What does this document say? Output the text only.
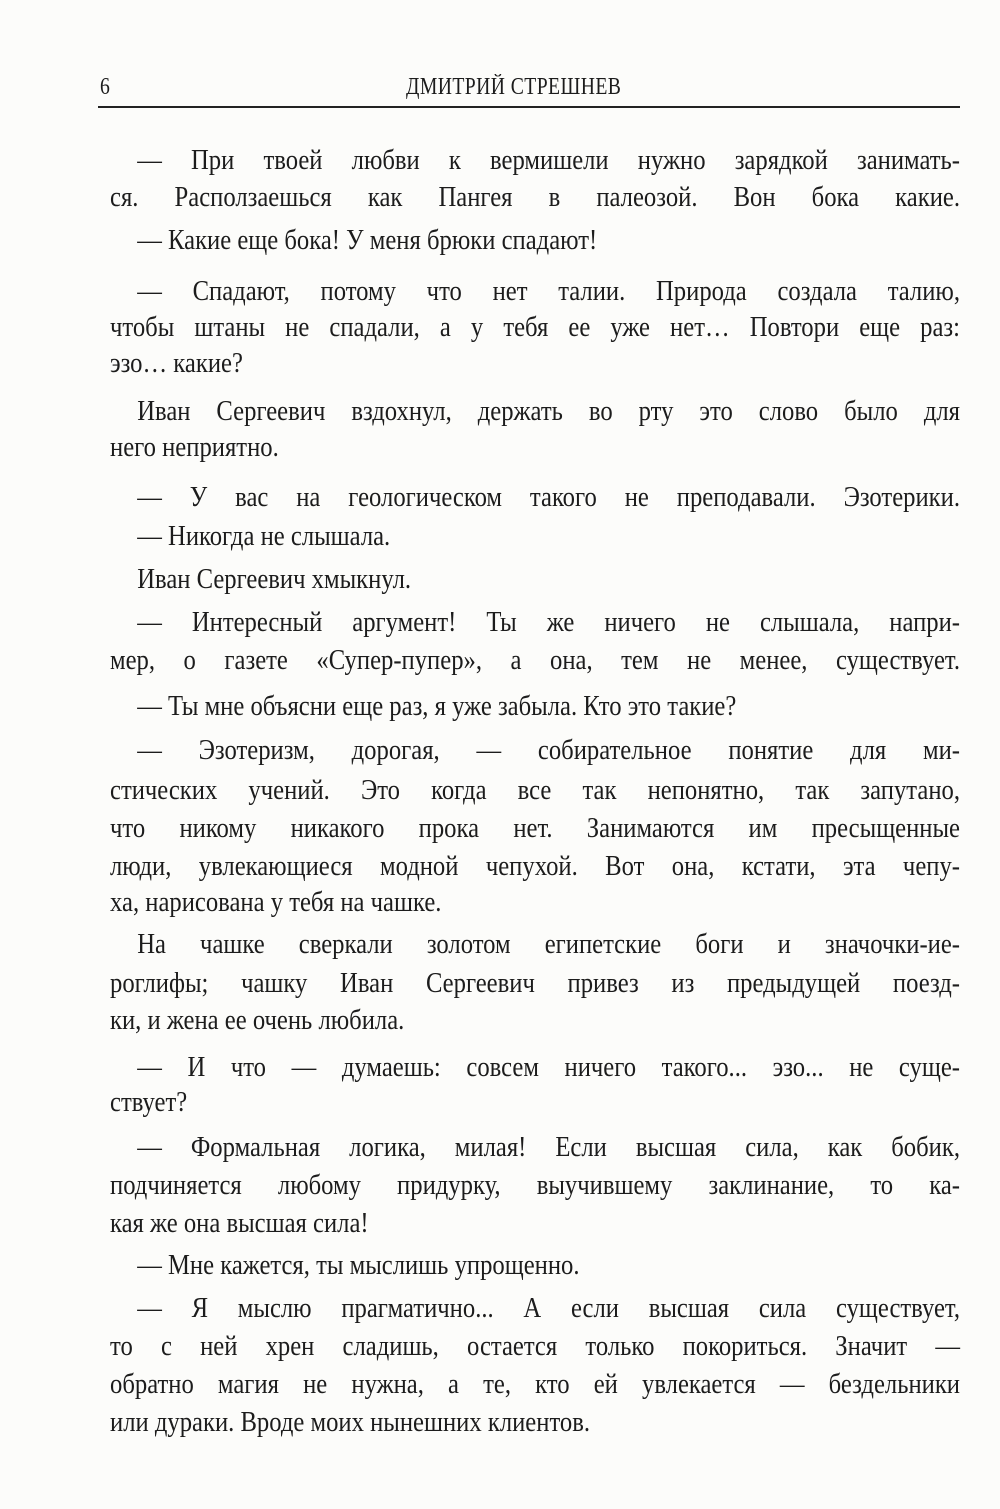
6	ДМИТРИЙ СТРЕШНЕВ
— При твоей любви к вермишели нужно зарядкой занимать-
ся. Расползаешься как Пангея в палеозой. Вон бока какие.
— Какие еще бока! У меня брюки спадают!
— Спадают, потому что нет талии. Природа создала талию,
чтобы штаны не спадали, а у тебя ее уже нет… Повтори еще раз:
эзо… какие?
Иван Сергеевич вздохнул, держать во рту это слово было для
него неприятно.
— У вас на геологическом такого не преподавали. Эзотерики.
— Никогда не слышала.
Иван Сергеевич хмыкнул.
— Интересный аргумент! Ты же ничего не слышала, напри-
мер, о газете «Супер-пупер», а она, тем не менее, существует.
— Ты мне объясни еще раз, я уже забыла. Кто это такие?
— Эзотеризм, дорогая, — собирательное понятие для ми-
стических учений. Это когда все так непонятно, так запутано,
что никому никакого прока нет. Занимаются им пресыщенные
люди, увлекающиеся модной чепухой. Вот она, кстати, эта чепу-
ха, нарисована у тебя на чашке.
На чашке сверкали золотом египетские боги и значочки-ие-
роглифы; чашку Иван Сергеевич привез из предыдущей поезд-
ки, и жена ее очень любила.
— И что — думаешь: совсем ничего такого... эзо... не суще-
ствует?
— Формальная логика, милая! Если высшая сила, как бобик,
подчиняется любому придурку, выучившему заклинание, то ка-
кая же она высшая сила!
— Мне кажется, ты мыслишь упрощенно.
— Я мыслю прагматично... А если высшая сила существует,
то с ней хрен сладишь, остается только покориться. Значит —
обратно магия не нужна, а те, кто ей увлекается — бездельники
или дураки. Вроде моих нынешних клиентов.
